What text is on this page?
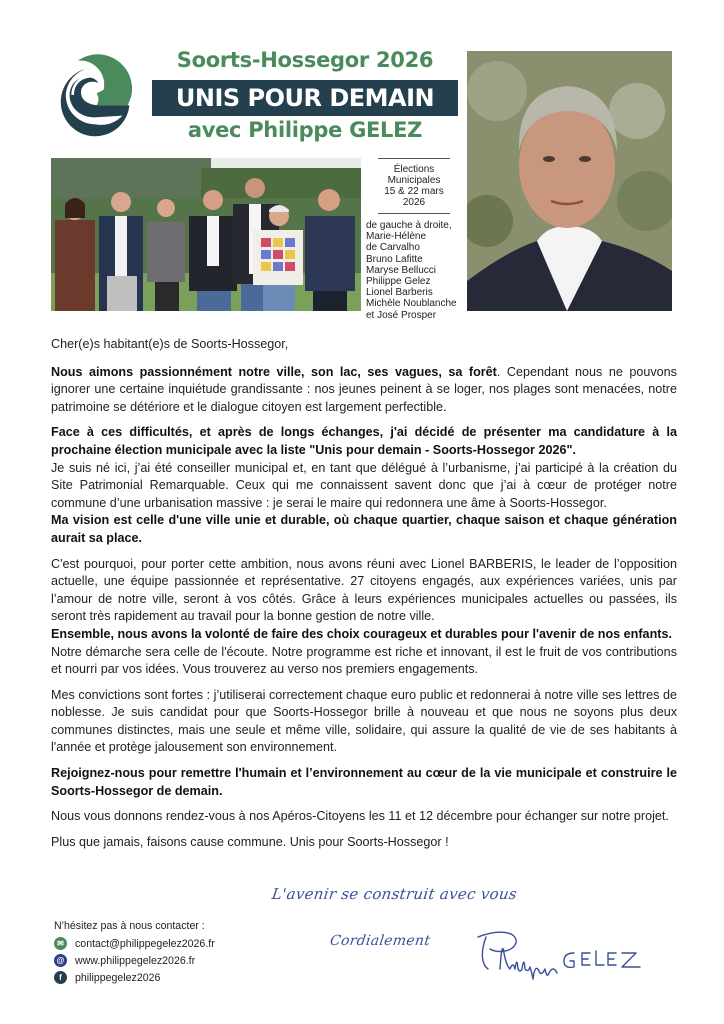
Soorts-Hossegor 2026
UNIS POUR DEMAIN
avec Philippe GELEZ
Élections
Municipales
15 & 22 mars
2026
de gauche à droite,
Marie-Hélène
de Carvalho
Bruno Lafitte
Maryse Bellucci
Philippe Gelez
Lionel Barberis
Michèle Noublanche
et José Prosper

Cher(e)s habitant(e)s de Soorts-Hossegor,

Nous aimons passionnément notre ville, son lac, ses vagues, sa forêt. Cependant nous ne pouvons ignorer une certaine inquiétude grandissante : nos jeunes peinent à se loger, nos plages sont menacées, notre patrimoine se détériore et le dialogue citoyen est largement perfectible.

Face à ces difficultés, et après de longs échanges, j'ai décidé de présenter ma candidature à la prochaine élection municipale avec la liste "Unis pour demain - Soorts-Hossegor 2026".
Je suis né ici, j’ai été conseiller municipal et, en tant que délégué à l’urbanisme, j’ai participé à la création du Site Patrimonial Remarquable. Ceux qui me connaissent savent donc que j’ai à cœur de protéger notre commune d’une urbanisation massive : je serai le maire qui redonnera une âme à Soorts-Hossegor.
Ma vision est celle d'une ville unie et durable, où chaque quartier, chaque saison et chaque génération aurait sa place.

C'est pourquoi, pour porter cette ambition, nous avons réuni avec Lionel BARBERIS, le leader de l’opposition actuelle, une équipe passionnée et représentative. 27 citoyens engagés, aux expériences variées, unis par l’amour de notre ville, seront à vos côtés. Grâce à leurs expériences municipales actuelles ou passées, ils seront très rapidement au travail pour la bonne gestion de notre ville.
Ensemble, nous avons la volonté de faire des choix courageux et durables pour l'avenir de nos enfants.
Notre démarche sera celle de l'écoute. Notre programme est riche et innovant, il est le fruit de vos contributions et nourri par vos idées. Vous trouverez au verso nos premiers engagements.

Mes convictions sont fortes : j’utiliserai correctement chaque euro public et redonnerai à notre ville ses lettres de noblesse. Je suis candidat pour que Soorts-Hossegor brille à nouveau et que nous ne soyons plus deux communes distinctes, mais une seule et même ville, solidaire, qui assure la qualité de vie de ses habitants à l'année et protège jalousement son environnement.

Rejoignez-nous pour remettre l'humain et l’environnement au cœur de la vie municipale et construire le Soorts-Hossegor de demain.

Nous vous donnons rendez-vous à nos Apéros-Citoyens les 11 et 12 décembre pour échanger sur notre projet.

Plus que jamais, faisons cause commune. Unis pour Soorts-Hossegor !

N’hésitez pas à nous contacter :
✉ contact@philippegelez2026.fr
@ www.philippegelez2026.fr
f	philippegelez2026
L'avenir se construit avec vous
Cordialement
